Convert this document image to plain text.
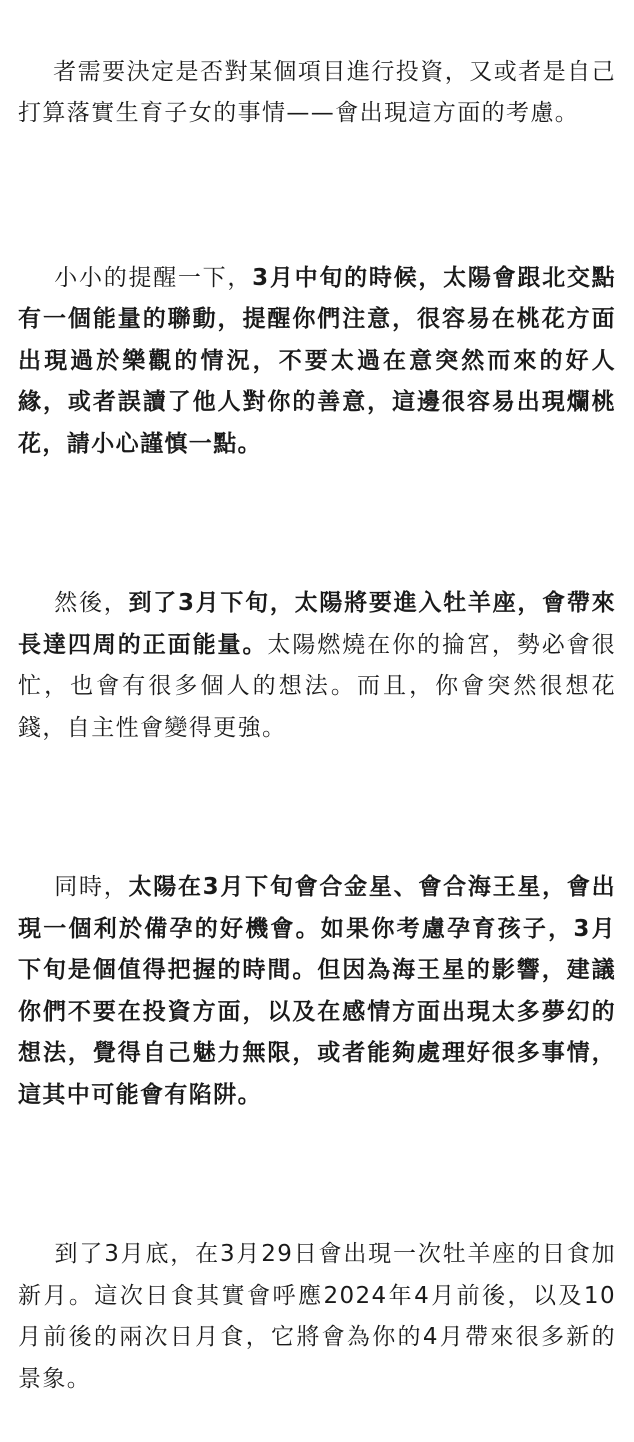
者需要決定是否對某個項目進行投資，又或者是自己打算落實生育子女的事情——會出現這方面的考慮。

小小的提醒一下，3月中旬的時候，太陽會跟北交點有一個能量的聯動，提醒你們注意，很容易在桃花方面出現過於樂觀的情況，不要太過在意突然而來的好人緣，或者誤讀了他人對你的善意，這邊很容易出現爛桃花，請小心謹慎一點。

然後，到了3月下旬，太陽將要進入牡羊座，會帶來長達四周的正面能量。太陽燃燒在你的掄宮，勢必會很忙，也會有很多個人的想法。而且，你會突然很想花錢，自主性會變得更強。

同時，太陽在3月下旬會合金星、會合海王星，會出現一個利於備孕的好機會。如果你考慮孕育孩子，3月下旬是個值得把握的時間。但因為海王星的影響，建議你們不要在投資方面，以及在感情方面出現太多夢幻的想法，覺得自己魅力無限，或者能夠處理好很多事情，這其中可能會有陷阱。

到了3月底，在3月29日會出現一次牡羊座的日食加新月。這次日食其實會呼應2024年4月前後，以及10月前後的兩次日月食，它將會為你的4月帶來很多新的景象。
